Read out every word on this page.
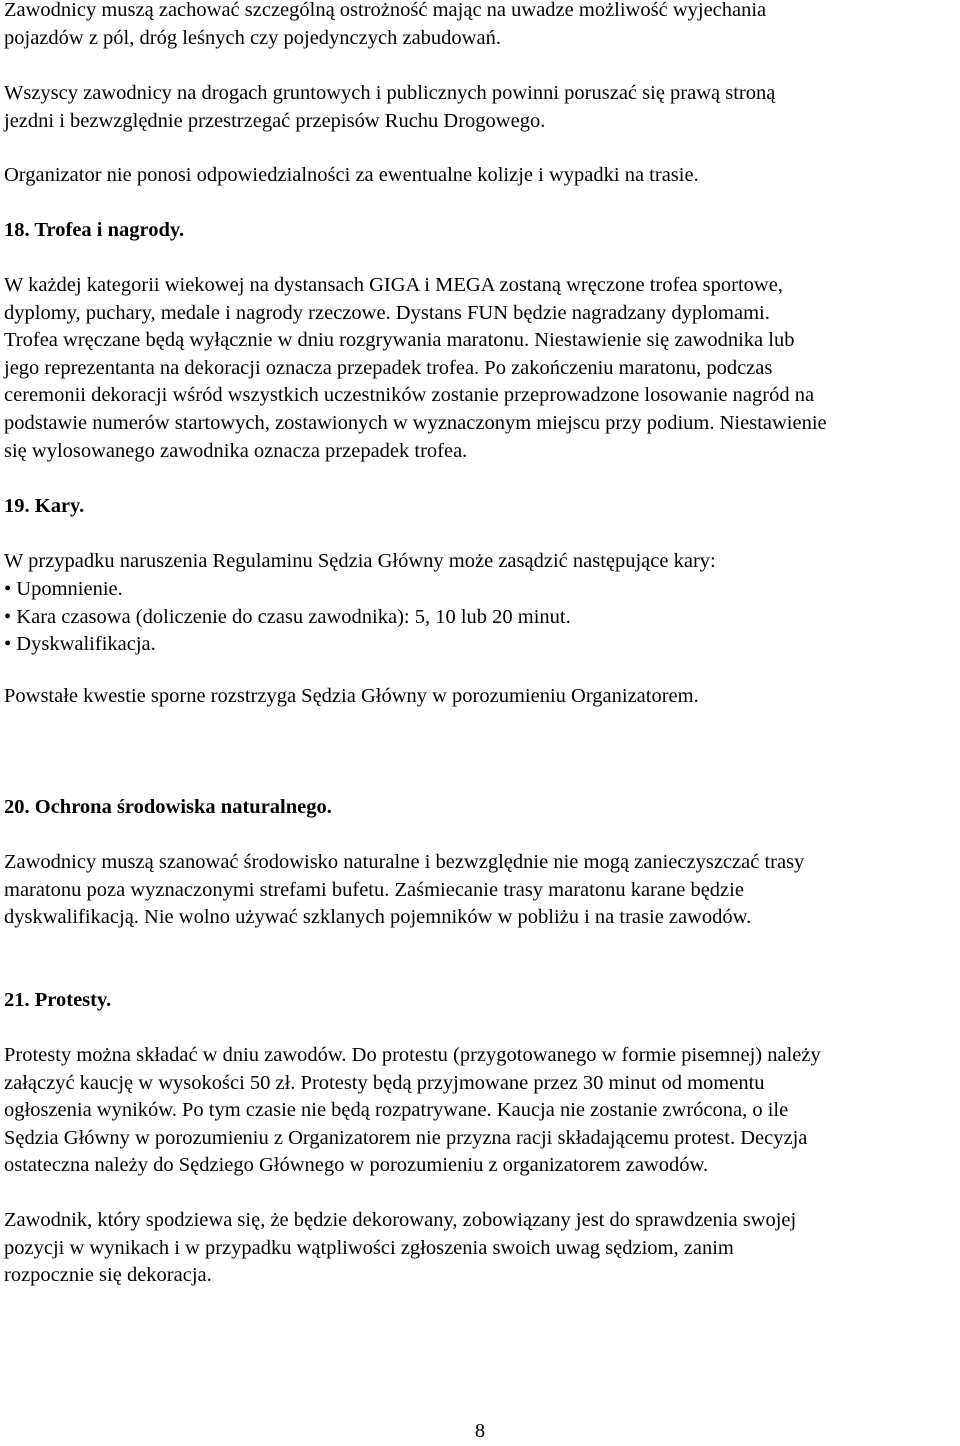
Zawodnicy muszą zachować szczególną ostrożność mając na uwadze możliwość wyjechania
pojazdów z pól, dróg leśnych czy pojedynczych zabudowań.
Wszyscy zawodnicy na drogach gruntowych i publicznych powinni poruszać się prawą stroną
jezdni i bezwzględnie przestrzegać przepisów Ruchu Drogowego.
Organizator nie ponosi odpowiedzialności za ewentualne kolizje i wypadki na trasie.
18. Trofea i nagrody.
W każdej kategorii wiekowej na dystansach GIGA i MEGA zostaną wręczone trofea sportowe,
dyplomy, puchary, medale i nagrody rzeczowe. Dystans FUN będzie nagradzany dyplomami.
Trofea wręczane będą wyłącznie w dniu rozgrywania maratonu. Niestawienie się zawodnika lub
jego reprezentanta na dekoracji oznacza przepadek trofea. Po zakończeniu maratonu, podczas
ceremonii dekoracji wśród wszystkich uczestników zostanie przeprowadzone losowanie nagród na
podstawie numerów startowych, zostawionych w wyznaczonym miejscu przy podium. Niestawienie
się wylosowanego zawodnika oznacza przepadek trofea.
19. Kary.
W przypadku naruszenia Regulaminu Sędzia Główny może zasądzić następujące kary:
• Upomnienie.
• Kara czasowa (doliczenie do czasu zawodnika): 5, 10 lub 20 minut.
• Dyskwalifikacja.
Powstałe kwestie sporne rozstrzyga Sędzia Główny w porozumieniu Organizatorem.
20. Ochrona środowiska naturalnego.
Zawodnicy muszą szanować środowisko naturalne i bezwzględnie nie mogą zanieczyszczać trasy
maratonu poza wyznaczonymi strefami bufetu. Zaśmiecanie trasy maratonu karane będzie
dyskwalifikacją. Nie wolno używać szklanych pojemników w pobliżu i na trasie zawodów.
21. Protesty.
Protesty można składać w dniu zawodów. Do protestu (przygotowanego w formie pisemnej) należy
załączyć kaucję w wysokości 50 zł. Protesty będą przyjmowane przez 30 minut od momentu
ogłoszenia wyników. Po tym czasie nie będą rozpatrywane. Kaucja nie zostanie zwrócona, o ile
Sędzia Główny w porozumieniu z Organizatorem nie przyzna racji składającemu protest. Decyzja
ostateczna należy do Sędziego Głównego w porozumieniu z organizatorem zawodów.
Zawodnik, który spodziewa się, że będzie dekorowany, zobowiązany jest do sprawdzenia swojej
pozycji w wynikach i w przypadku wątpliwości zgłoszenia swoich uwag sędziom, zanim
rozpocznie się dekoracja.
8
